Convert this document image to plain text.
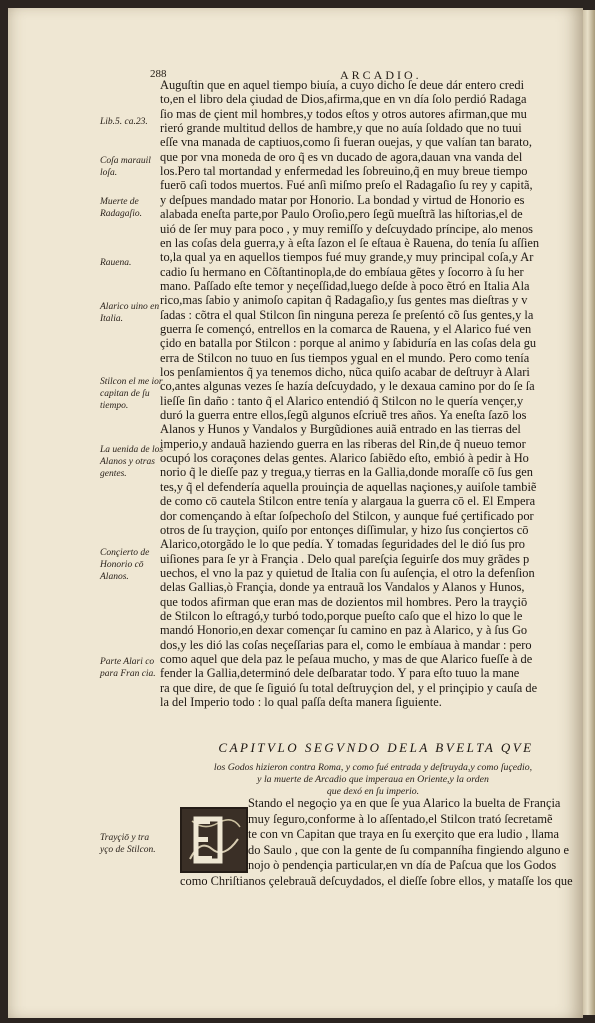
288	ARCADIO.
Auguſtin que en aquel tiempo biuía, a cuyo dicho ſe deue dár entero credi
to,en el libro dela çiudad de Dios,afirma,que en vn día ſolo perdió Radaga
ſio mas de çient mil hombres,y todos eſtos y otros autores afirman,que mu
rieró grande multitud dellos de hambre,y que no auía ſoldado que no tuui
eſſe vna manada de captiuos,como ſi fueran ouejas, y que valían tan barato,
que por vna moneda de oro q̃ es vn ducado de agora,dauan vna vanda del
los.Pero tal mortandad y enfermedad les ſobreuino,q̃ en muy breue tiempo
fuerō caſi todos muertos. Fué anſi miſmo preſo el Radagaſio ſu rey y capitã,
y deſpues mandado matar por Honorio. La bondad y virtud de Honorio es
alabada eneſta parte,por Paulo Oroſio,pero ſegũ mueſtrã las hiſtorias,el de
uió de ſer muy para poco , y muy remiſſo y deſcuydado príncipe, alo menos
en las coſas dela guerra,y à eſta ſazon el ſe eſtaua è Rauena, do tenía ſu aſſien
to,la qual ya en aquellos tiempos fué muy grande,y muy principal coſa,y Ar
cadio ſu hermano en Cõſtantinopla,de do embíaua gẽtes y ſocorro à ſu her
mano. Paſſado eſte temor y neçeſſidad,luego deſde à poco ẽtró en Italia Ala
rico,mas ſabio y animoſo capitan q̃ Radagaſio,y ſus gentes mas dieſtras y v
ſadas : cõtra el qual Stilcon ſin ninguna pereza ſe preſentó cõ ſus gentes,y la
guerra ſe començó, entrellos en la comarca de Rauena, y el Alarico fué ven
çido en batalla por Stilcon : porque al animo y ſabiduría en las coſas dela gu
erra de Stilcon no tuuo en ſus tiempos ygual en el mundo. Pero como tenía
los penſamientos q̃ ya tenemos dicho, nũca quiſo acabar de deſtruyr à Alari
co,antes algunas vezes ſe hazía deſcuydado, y le dexaua camino por do ſe ſa
lieſſe ſin daño : tanto q̃ el Alarico entendió q̃ Stilcon no le quería vençer,y
duró la guerra entre ellos,ſegũ algunos eſcriuẽ tres años. Ya eneſta ſazō los
Alanos y Hunos y Vandalos y Burgũdiones auiã entrado en las tierras del
imperio,y andauã haziendo guerra en las riberas del Rin,de q̃ nueuo temor
ocupó los coraçones delas gentes. Alarico ſabiẽdo eſto, embió à pedir à Ho
norio q̃ le dieſſe paz y tregua,y tierras en la Gallia,donde moraſſe cō ſus gen
tes,y q̃ el defendería aquella prouinçia de aquellas naçiones,y auiſole tambiẽ
de como cō cautela Stilcon entre tenía y alargaua la guerra cō el. El Empera
dor començando à eſtar ſoſpechoſo del Stilcon, y aunque fué çertificado por
otros de ſu trayçion, quiſo por entonçes diſſimular, y hizo ſus conçiertos cō
Alarico,otorgãdo le lo que pedía. Y tomadas ſeguridades del le dió ſus pro
uiſiones para ſe yr à Françia . Delo qual pareſçia ſeguirſe dos muy grãdes p
uechos, el vno la paz y quietud de Italia con ſu auſençia, el otro la defenſion
delas Gallias,ò Françia, donde ya entrauã los Vandalos y Alanos y Hunos,
que todos afirman que eran mas de dozientos mil hombres. Pero la trayçiō
de Stilcon lo eſtragó,y turbó todo,porque pueſto caſo que el hizo lo que le
mandó Honorio,en dexar començar ſu camino en paz à Alarico, y à ſus Go
dos,y les dió las coſas neçeſſarias para el, como le embíaua à mandar : pero
como aquel que dela paz le peſaua mucho, y mas de que Alarico fueſſe à de
fender la Gallia,determinó dele deſbaratar todo. Y para eſto tuuo la mane
ra que dire, de que ſe ſiguió ſu total deſtruyçion del, y el prinçipio y cauſa de
la del Imperio todo : lo qual paſſa deſta manera ſiguiente.
Lib.5. ca.23.
Coſa marauil loſa.
Muerte de Radagaſio.
Rauena.
Alarico uino en Italia.
Stilcon el me ior capitan de ſu tiempo.
La uenida de los Alanos y otras gentes.
Conçierto de Honorio cō Alanos.
Parte Alari co para Fran cia.
Trayçiō y tra yço de Stilcon.
CAPITVLO SEGVNDO DELA BVELTA QVE
los Godos hizieron contra Roma, y como fué entrada y deſtruyda,y como ſuçedio,
y la muerte de Arcadio que imperaua en Oriente,y la orden
que dexó en ſu imperio.
Stando el negoçio ya en que ſe yua Alarico la buelta de Françia
muy ſeguro,conforme à lo aſſentado,el Stilcon trató ſecretamẽ
te con vn Capitan que traya en ſu exerçito que era ludio , llama
do Saulo , que con la gente de ſu companníha fingiendo alguno e
nojo ò pendençia particular,en vn día de Paſcua que los Godos
como Chriſtianos çelebrauã deſcuydados, el dieſſe ſobre ellos, y mataſſe los que
